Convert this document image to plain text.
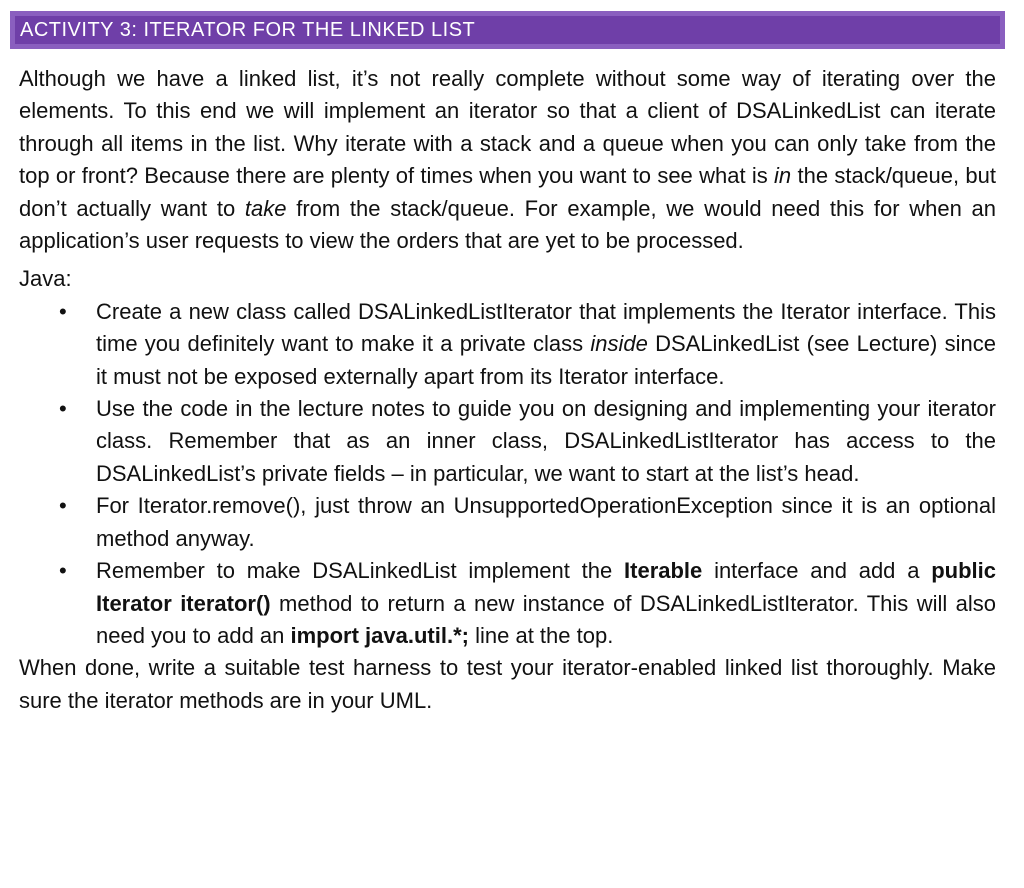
ACTIVITY 3: ITERATOR FOR THE LINKED LIST

Although we have a linked list, it’s not really complete without some way of iterating over the elements. To this end we will implement an iterator so that a client of DSALinkedList can iterate through all items in the list. Why iterate with a stack and a queue when you can only take from the top or front? Because there are plenty of times when you want to see what is in the stack/queue, but don’t actually want to take from the stack/queue. For example, we would need this for when an application’s user requests to view the orders that are yet to be processed.

Java:

• Create a new class called DSALinkedListIterator that implements the Iterator interface. This time you definitely want to make it a private class inside DSALinkedList (see Lecture) since it must not be exposed externally apart from its Iterator interface.
• Use the code in the lecture notes to guide you on designing and implementing your iterator class. Remember that as an inner class, DSALinkedListIterator has access to the DSALinkedList’s private fields – in particular, we want to start at the list’s head.
• For Iterator.remove(), just throw an UnsupportedOperationException since it is an optional method anyway.
• Remember to make DSALinkedList implement the Iterable interface and add a public Iterator iterator() method to return a new instance of DSALinkedListIterator. This will also need you to add an import java.util.*; line at the top.

When done, write a suitable test harness to test your iterator-enabled linked list thoroughly. Make sure the iterator methods are in your UML.
